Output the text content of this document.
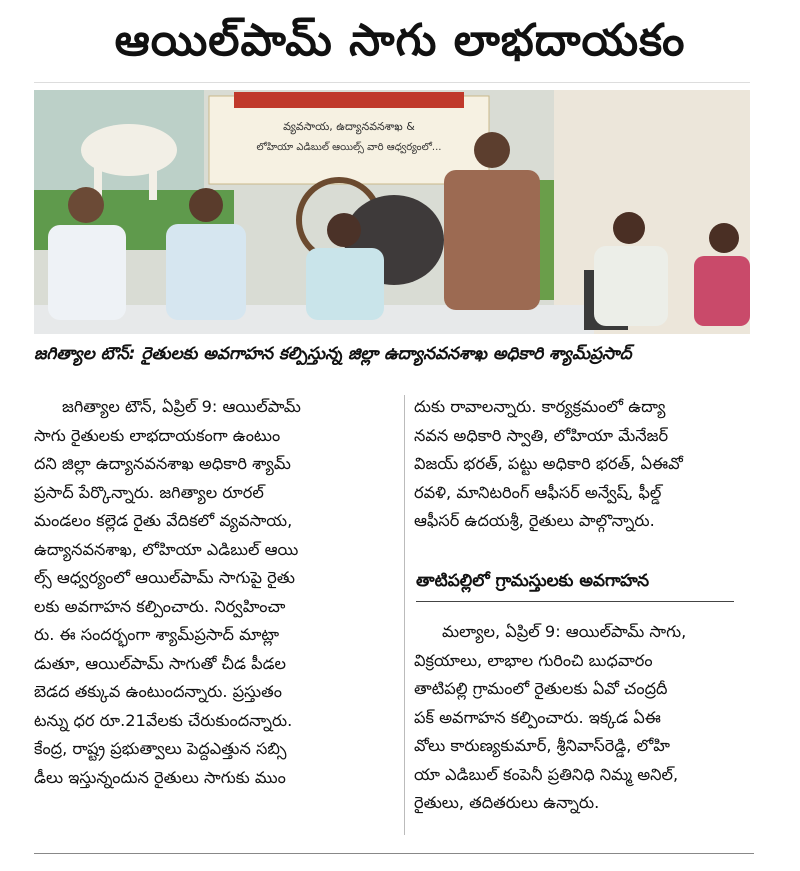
ఆయిల్‌పామ్ సాగు లాభదాయకం
వ్యవసాయ, ఉద్యానవనశాఖ &
లోహియా ఎడిబుల్ ఆయిల్స్ వారి ఆధ్వర్యంలో...
జగిత్యాల టౌన్: రైతులకు అవగాహన కల్పిస్తున్న జిల్లా ఉద్యానవనశాఖ అధికారి శ్యామ్‌ప్రసాద్

జగిత్యాల టౌన్, ఏప్రిల్ 9: ఆయిల్‌పామ్

సాగు రైతులకు లాభదాయకంగా ఉంటుం

దని జిల్లా ఉద్యానవనశాఖ అధికారి శ్యామ్

ప్రసాద్ పేర్కొన్నారు. జగిత్యాల రూరల్

మండలం కల్లెడ రైతు వేదికలో వ్యవసాయ,

ఉద్యానవనశాఖ, లోహియా ఎడిబుల్ ఆయి

ల్స్ ఆధ్వర్యంలో ఆయిల్‌పామ్ సాగుపై రైతు

లకు అవగాహన కల్పించారు. నిర్వహించా

రు. ఈ సందర్భంగా శ్యామ్‌ప్రసాద్ మాట్లా

డుతూ, ఆయిల్‌పామ్ సాగుతో చీడ పీడల

బెడద తక్కువ ఉంటుందన్నారు. ప్రస్తుతం

టన్ను ధర రూ.21వేలకు చేరుకుందన్నారు.

కేంద్ర, రాష్ట్ర ప్రభుత్వాలు పెద్దఎత్తున సబ్సి

డీలు ఇస్తున్నందున రైతులు సాగుకు ముం

దుకు రావాలన్నారు. కార్యక్రమంలో ఉద్యా

నవన అధికారి స్వాతి, లోహియా మేనేజర్

విజయ్ భరత్, పట్టు అధికారి భరత్, ఏఈవో

రవళి, మానిటరింగ్ ఆఫీసర్ అన్వేష్, ఫీల్డ్

ఆఫీసర్ ఉదయశ్రీ, రైతులు పాల్గొన్నారు.

తాటిపల్లిలో గ్రామస్తులకు అవగాహన

మల్యాల, ఏప్రిల్ 9: ఆయిల్‌పామ్ సాగు,

విక్రయాలు, లాభాల గురించి బుధవారం

తాటిపల్లి గ్రామంలో రైతులకు ఏవో చంద్రదీ

పక్ అవగాహన కల్పించారు. ఇక్కడ ఏఈ

వోలు కారుణ్యకుమార్, శ్రీనివాస్‌రెడ్డి, లోహి

యా ఎడిబుల్ కంపెనీ ప్రతినిధి నిమ్మ అనిల్,

రైతులు, తదితరులు ఉన్నారు.
